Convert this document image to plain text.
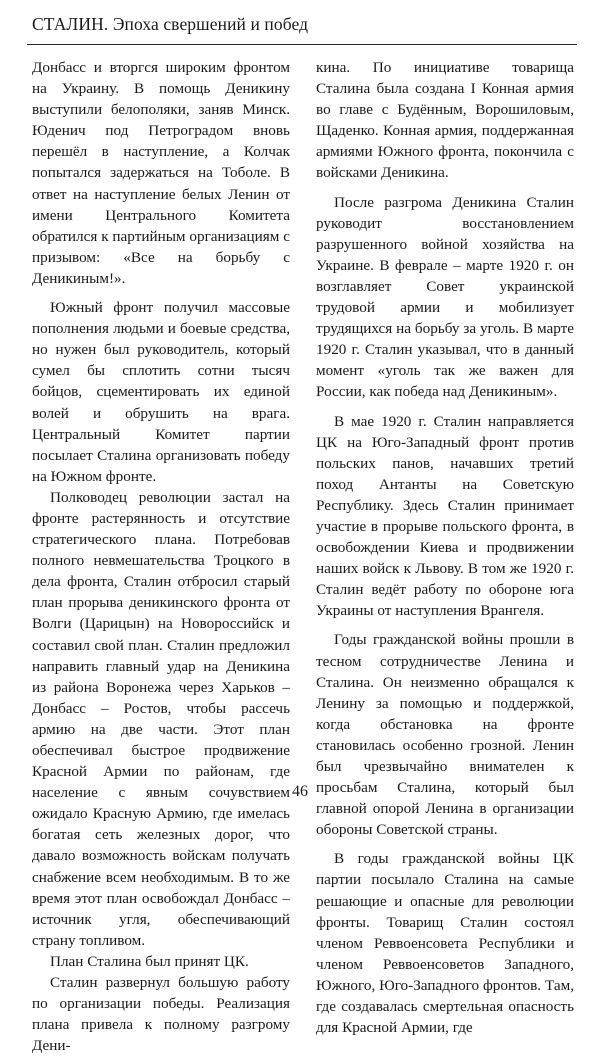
СТАЛИН. Эпоха свершений и побед

Донбасс и вторгся широким фронтом на Украину. В помощь Деникину выступили белополяки, заняв Минск. Юденич под Петроградом вновь перешёл в наступление, а Колчак попытался задержаться на Тоболе. В ответ на наступление белых Ленин от имени Центрального Комитета обратился к партийным организациям с призывом: «Все на борьбу с Деникиным!».

Южный фронт получил массовые пополнения людьми и боевые средства, но нужен был руководитель, который сумел бы сплотить сотни тысяч бойцов, сцементировать их единой волей и обрушить на врага. Центральный Комитет партии посылает Сталина организовать победу на Южном фронте.

Полководец революции застал на фронте растерянность и отсутствие стратегического плана. Потребовав полного невмешательства Троцкого в дела фронта, Сталин отбросил старый план прорыва деникинского фронта от Волги (Царицын) на Новороссийск и составил свой план. Сталин предложил направить главный удар на Деникина из района Воронежа через Харьков – Донбасс – Ростов, чтобы рассечь армию на две части. Этот план обеспечивал быстрое продвижение Красной Армии по районам, где население с явным сочувствием ожидало Красную Армию, где имелась богатая сеть железных дорог, что давало возможность войскам получать снабжение всем необходимым. В то же время этот план освобождал Донбасс – источник угля, обеспечивающий страну топливом.

План Сталина был принят ЦК.

Сталин развернул большую работу по организации победы. Реализация плана привела к полному разгрому Дени-

кина. По инициативе товарища Сталина была создана I Конная армия во главе с Будённым, Ворошиловым, Щаденко. Конная армия, поддержанная армиями Южного фронта, покончила с войсками Деникина.

После разгрома Деникина Сталин руководит восстановлением разрушенного войной хозяйства на Украине. В феврале – марте 1920 г. он возглавляет Совет украинской трудовой армии и мобилизует трудящихся на борьбу за уголь. В марте 1920 г. Сталин указывал, что в данный момент «уголь так же важен для России, как победа над Деникиным».

В мае 1920 г. Сталин направляется ЦК на Юго-Западный фронт против польских панов, начавших третий поход Антанты на Советскую Республику. Здесь Сталин принимает участие в прорыве польского фронта, в освобождении Киева и продвижении наших войск к Львову. В том же 1920 г. Сталин ведёт работу по обороне юга Украины от наступления Врангеля.

Годы гражданской войны прошли в тесном сотрудничестве Ленина и Сталина. Он неизменно обращался к Ленину за помощью и поддержкой, когда обстановка на фронте становилась особенно грозной. Ленин был чрезвычайно внимателен к просьбам Сталина, который был главной опорой Ленина в организации обороны Советской страны.

В годы гражданской войны ЦК партии посылало Сталина на самые решающие и опасные для революции фронты. Товарищ Сталин состоял членом Реввоенсовета Республики и членом Реввоенсоветов Западного, Южного, Юго-Западного фронтов. Там, где создавалась смертельная опасность для Красной Армии, где

46
